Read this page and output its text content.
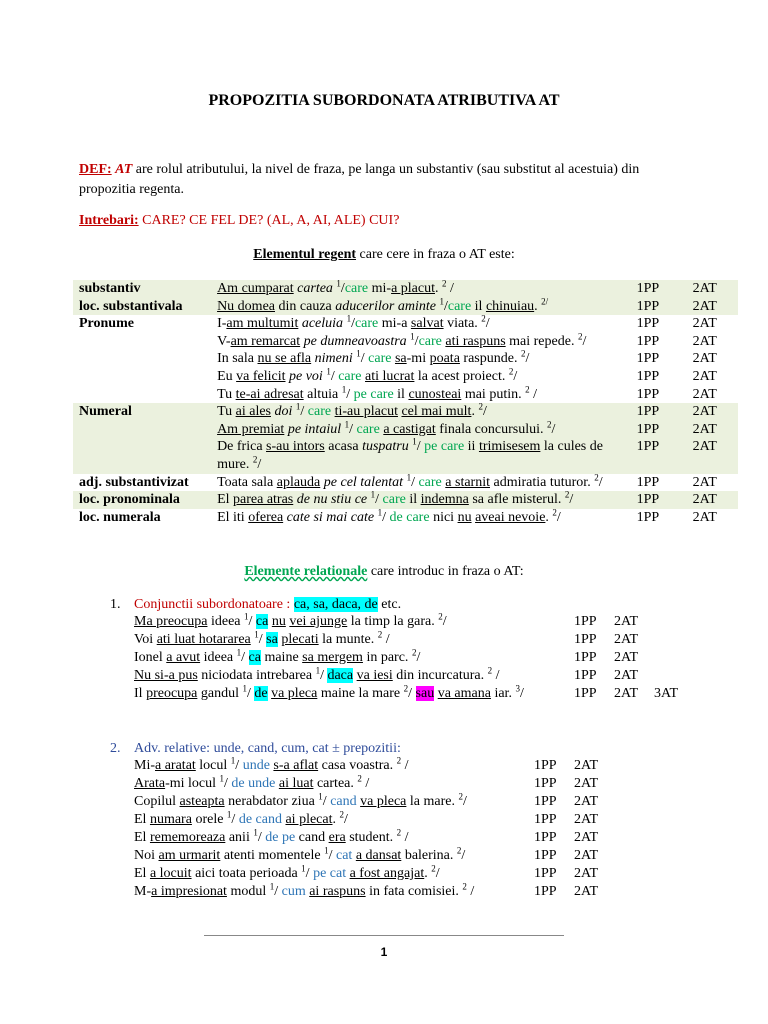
PROPOZITIA SUBORDONATA ATRIBUTIVA AT
DEF: AT are rolul atributului, la nivel de fraza, pe langa un substantiv (sau substitut al acestuia) din propozitia regenta.
Intrebari: CARE? CE FEL DE? (AL, A, AI, ALE) CUI?
Elementul regent care cere in fraza o AT este:
substantiv	Am cumparat cartea $^1$/care mi-a placut. $^2$ /	1PP	2AT
loc. substantivala	Nu domea din cauza aducerilor aminte $^1$/care il chinuiau. $^{2/}$	1PP	2AT
Pronume	I-am multumit aceluia $^1$/care mi-a salvat viata. $^2$/	1PP	2AT
	V-am remarcat pe dumneavoastra $^1$/care ati raspuns mai repede. $^2$/	1PP	2AT
	In sala nu se afla nimeni $^1$/ care sa-mi poata raspunde. $^2$/	1PP	2AT
	Eu va felicit pe voi $^1$/ care ati lucrat la acest proiect. $^2$/	1PP	2AT
	Tu te-ai adresat altuia $^1$/ pe care il cunosteai mai putin. $^2$ /	1PP	2AT
Numeral	Tu ai ales doi $^1$/ care ti-au placut cel mai mult. $^2$/	1PP	2AT
	Am premiat pe intaiul $^1$/ care a castigat finala concursului. $^2$/	1PP	2AT
	De frica s-au intors acasa tuspatru $^1$/ pe care ii trimisesem la cules de mure. $^2$/	1PP	2AT
adj. substantivizat	Toata sala aplauda pe cel talentat $^1$/ care a starnit admiratia tuturor. $^2$/	1PP	2AT
loc. pronominala	El parea atras de nu stiu ce $^1$/ care il indemna sa afle misterul. $^2$/	1PP	2AT
loc. numerala	El iti oferea cate si mai cate $^1$/ de care nici nu aveai nevoie. $^2$/	1PP	2AT
Elemente relationale care introduc in fraza o AT:
1. Conjunctii subordonatoare : ca, sa, daca, de etc.
Ma preocupa ideea $^1$/ ca nu vei ajunge la timp la gara. $^2$/	1PP	2AT
Voi ati luat hotararea $^1$/ sa plecati la munte. $^2$ /	1PP	2AT
Ionel a avut ideea $^1$/ ca maine sa mergem in parc. $^2$/	1PP	2AT
Nu si-a pus niciodata intrebarea $^1$/ daca va iesi din incurcatura. $^2$ /	1PP	2AT
Il preocupa gandul $^1$/ de va pleca maine la mare $^2$/ sau va amana iar. $^3$/	1PP	2AT	3AT
2. Adv. relative: unde, cand, cum, cat ± prepozitii:
Mi-a aratat locul $^1$/ unde s-a aflat casa voastra. $^2$ /	1PP	2AT
Arata-mi locul $^1$/ de unde ai luat cartea. $^2$ /	1PP	2AT
Copilul asteapta nerabdator ziua $^1$/ cand va pleca la mare. $^2$/	1PP	2AT
El numara orele $^1$/ de cand ai plecat. $^2$/	1PP	2AT
El rememoreaza anii $^1$/ de pe cand era student. $^2$ /	1PP	2AT
Noi am urmarit atenti momentele $^1$/ cat a dansat balerina. $^2$/	1PP	2AT
El a locuit aici toata perioada $^1$/ pe cat a fost angajat. $^2$/	1PP	2AT
M-a impresionat modul $^1$/ cum ai raspuns in fata comisiei. $^2$ /	1PP	2AT
1
